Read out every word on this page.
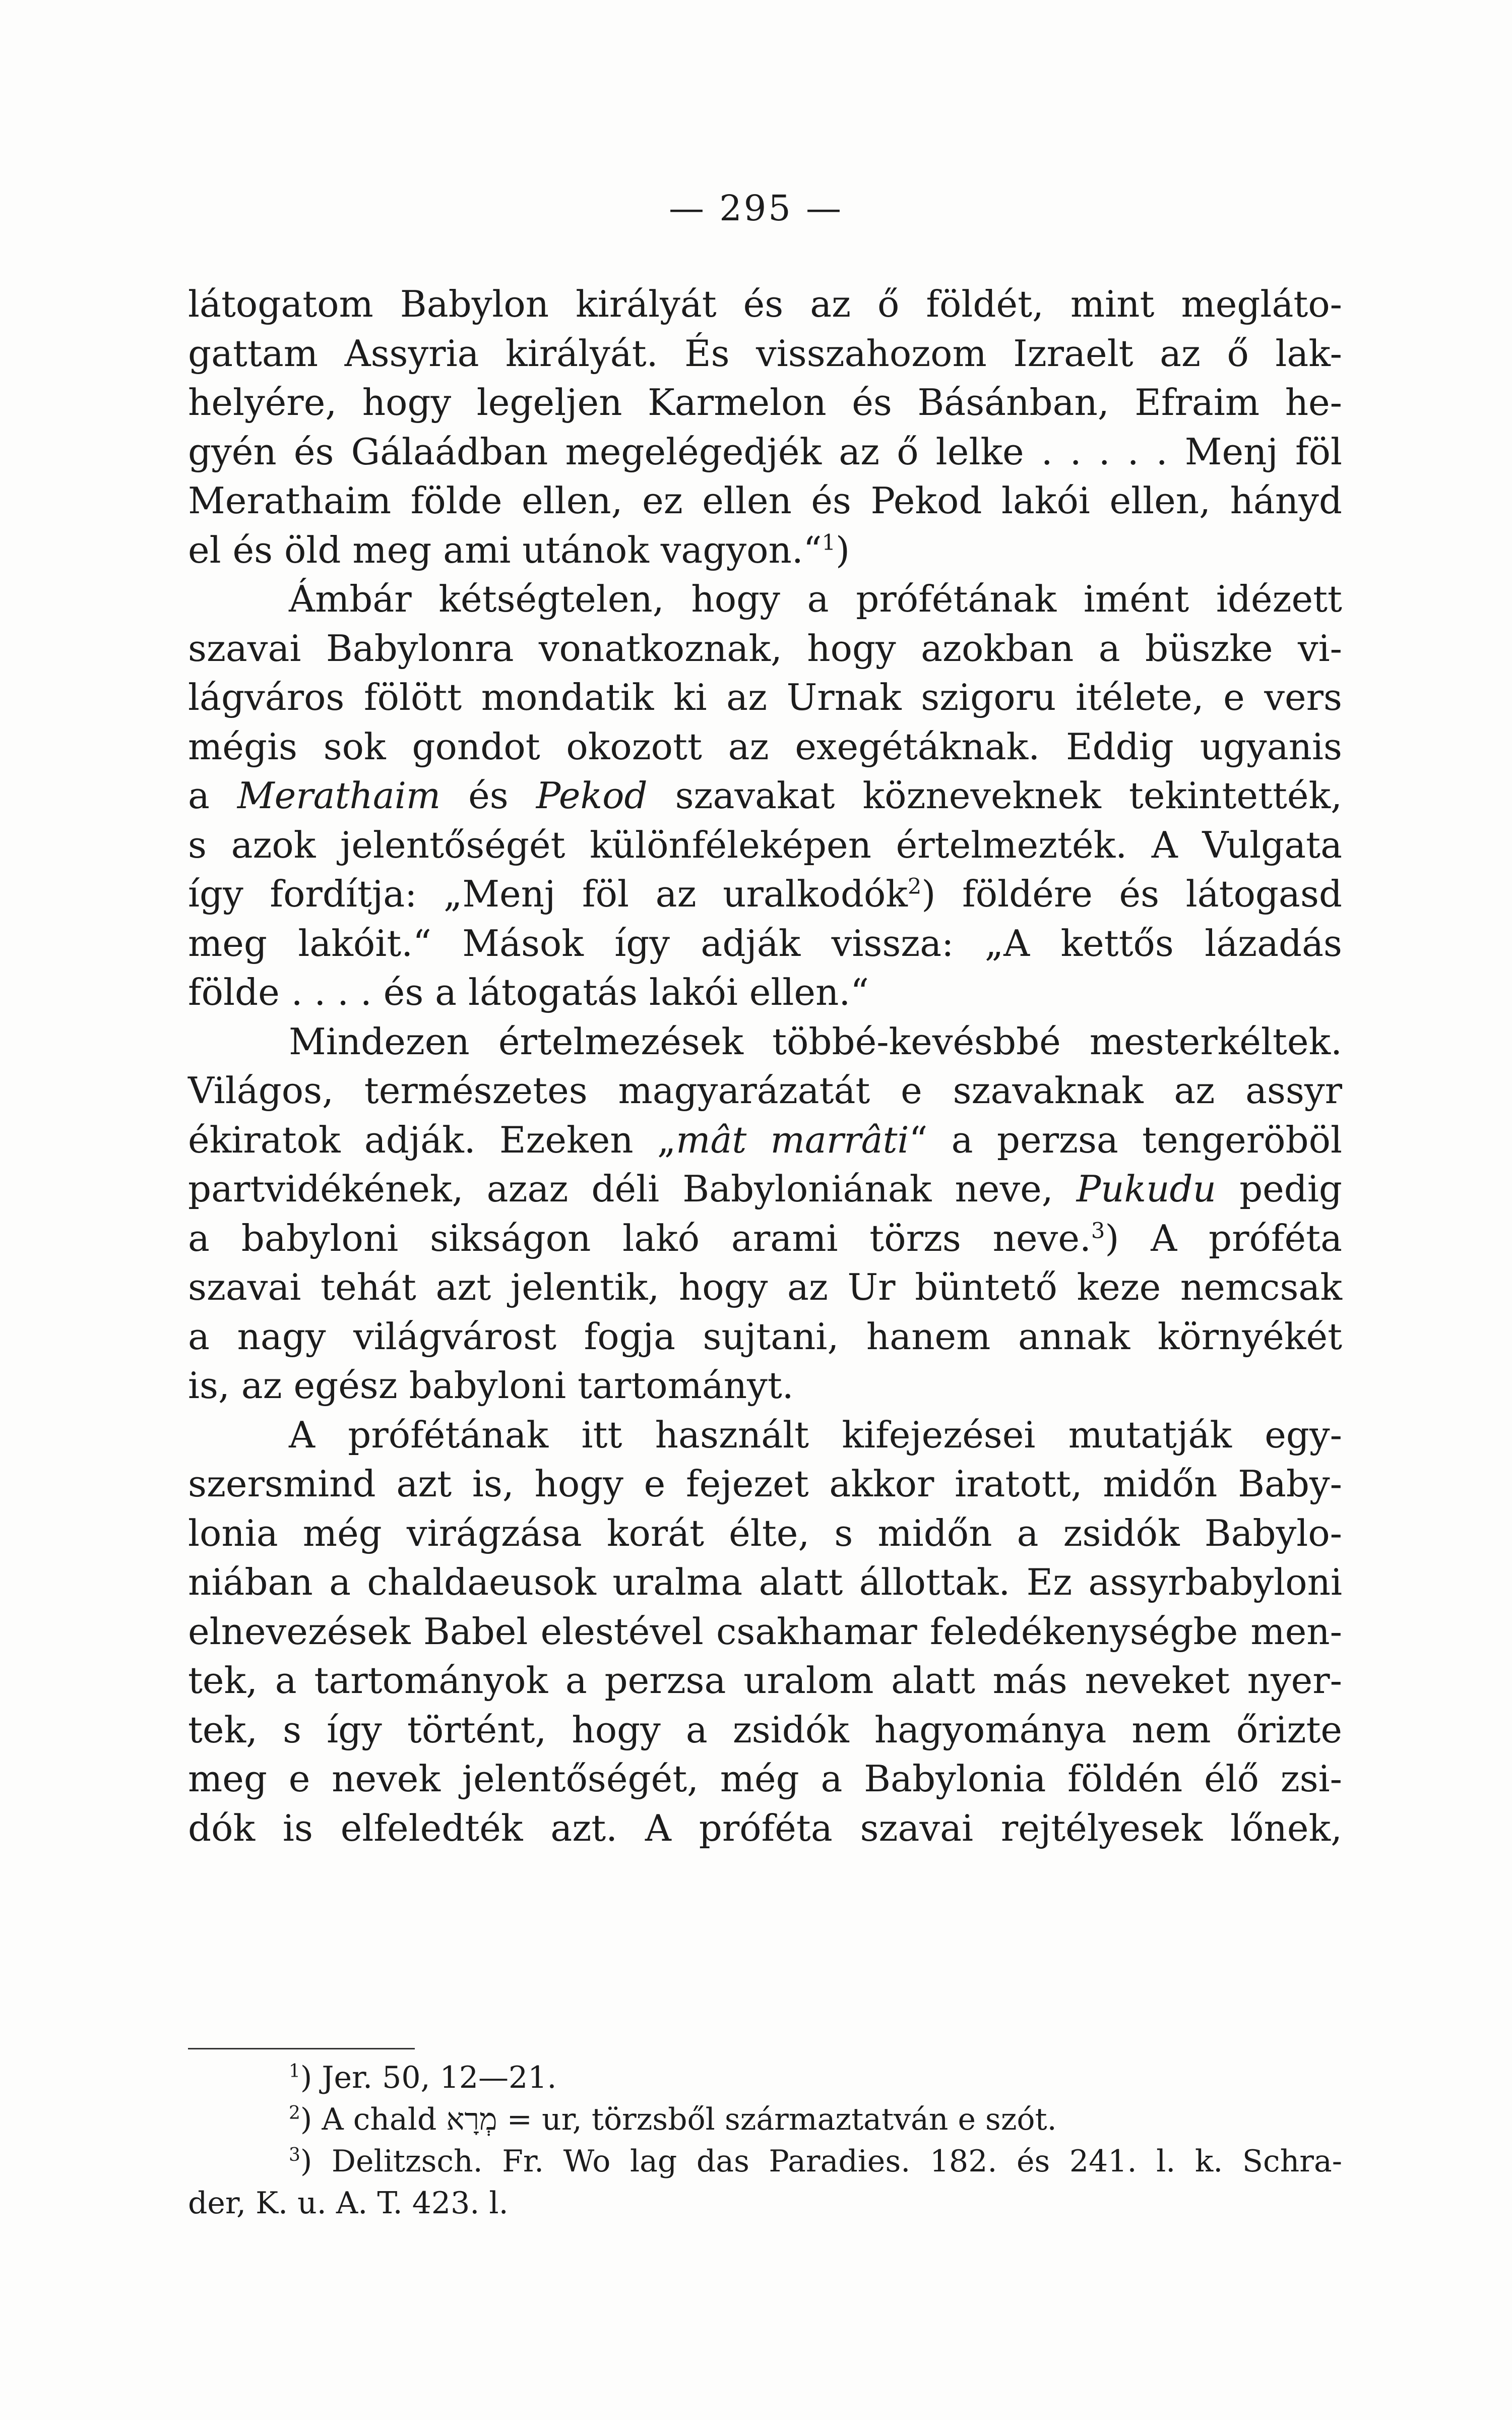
— 295 —
látogatom Babylon királyát és az ő földét, mint meglátо-
gattam Assyria királyát. És visszahozom Izraelt az ő lak-
helyére, hogy legeljen Karmelon és Básánban, Efraim he-
gyén és Gálaádban megelégedjék az ő lelke . . . . . Menj föl
Merathaim földe ellen, ez ellen és Pekod lakói ellen, hányd
el és öld meg ami utánok vagyon.“$^1$)
Ámbár kétségtelen, hogy a prófétának imént idézett
szavai Babylonra vonatkoznak, hogy azokban a büszke vi-
lágváros fölött mondatik ki az Urnak szigoru itélete, e vers
mégis sok gondot okozott az exegétáknak. Eddig ugyanis
a Merathaim és Pekod szavakat közneveknek tekintették,
s azok jelentőségét különféleképen értelmezték. A Vulgata
így fordítja: „Menj föl az uralkodók$^2$) földére és látogasd
meg lakóit.“ Mások így adják vissza: „A kettős lázadás
földe . . . . és a látogatás lakói ellen.“
Mindezen értelmezések többé-kevésbbé mesterkéltek.
Világos, természetes magyarázatát e szavaknak az assyr
ékiratok adják. Ezeken „mât marrâti“ a perzsa tengeröböl
partvidékének, azaz déli Babyloniának neve, Pukudu pedig
a babyloni sikságon lakó arami törzs neve.$^3$) A próféta
szavai tehát azt jelentik, hogy az Ur büntető keze nemcsak
a nagy világvárost fogja sujtani, hanem annak környékét
is, az egész babyloni tartományt.
A prófétának itt használt kifejezései mutatják egy-
szersmind azt is, hogy e fejezet akkor iratott, midőn Baby-
lonia még virágzása korát élte, s midőn a zsidók Babylo-
niában a chaldaeusok uralma alatt állottak. Ez assyrbabyloni
elnevezések Babel elestével csakhamar feledékenységbe men-
tek, a tartományok a perzsa uralom alatt más neveket nyer-
tek, s így történt, hogy a zsidók hagyománya nem őrizte
meg e nevek jelentőségét, még a Babylonia földén élő zsi-
dók is elfeledték azt. A próféta szavai rejtélyesek lőnek,
$^1$) Jer. 50, 12—21.
$^2$) A chald מְרָא = ur, törzsből származtatván e szót.
$^3$) Delitzsch. Fr. Wo lag das Paradies. 182. és 241. l. k. Schra-
der, K. u. A. T. 423. l.
